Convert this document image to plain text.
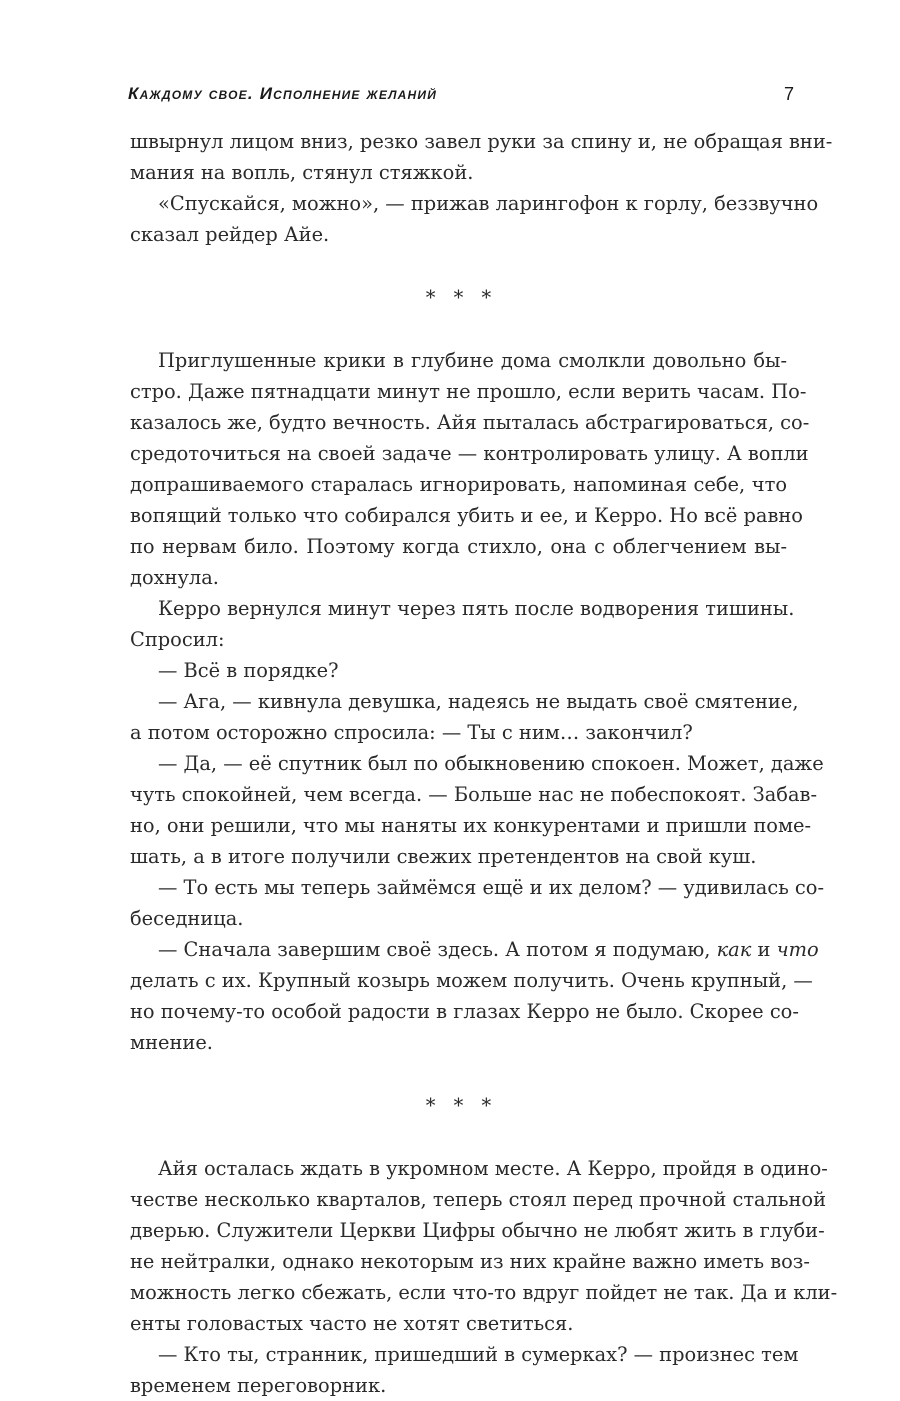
Каждому свое. Исполнение желаний	7
швырнул лицом вниз, резко завел руки за спину и, не обращая вни-
мания на вопль, стянул стяжкой.
«Спускайся, можно», — прижав ларингофон к горлу, беззвучно
сказал рейдер Айе.
* * *
Приглушенные крики в глубине дома смолкли довольно бы-
стро. Даже пятнадцати минут не прошло, если верить часам. По-
казалось же, будто вечность. Айя пыталась абстрагироваться, со-
средоточиться на своей задаче — контролировать улицу. А вопли
допрашиваемого старалась игнорировать, напоминая себе, что
вопящий только что собирался убить и ее, и Керро. Но всё равно
по нервам било. Поэтому когда стихло, она с облегчением вы-
дохнула.
Керро вернулся минут через пять после водворения тишины.
Спросил:
— Всё в порядке?
— Ага, — кивнула девушка, надеясь не выдать своё смятение,
а потом осторожно спросила: — Ты с ним… закончил?
— Да, — её спутник был по обыкновению спокоен. Может, даже
чуть спокойней, чем всегда. — Больше нас не побеспокоят. Забав-
но, они решили, что мы наняты их конкурентами и пришли поме-
шать, а в итоге получили свежих претендентов на свой куш.
— То есть мы теперь займёмся ещё и их делом? — удивилась со-
беседница.
— Сначала завершим своё здесь. А потом я подумаю, как и что
делать с их. Крупный козырь можем получить. Очень крупный, —
но почему-то особой радости в глазах Керро не было. Скорее со-
мнение.
* * *
Айя осталась ждать в укромном месте. А Керро, пройдя в одино-
честве несколько кварталов, теперь стоял перед прочной стальной
дверью. Служители Церкви Цифры обычно не любят жить в глуби-
не нейтралки, однако некоторым из них крайне важно иметь воз-
можность легко сбежать, если что-то вдруг пойдет не так. Да и кли-
енты головастых часто не хотят светиться.
— Кто ты, странник, пришедший в сумерках? — произнес тем
временем переговорник.
